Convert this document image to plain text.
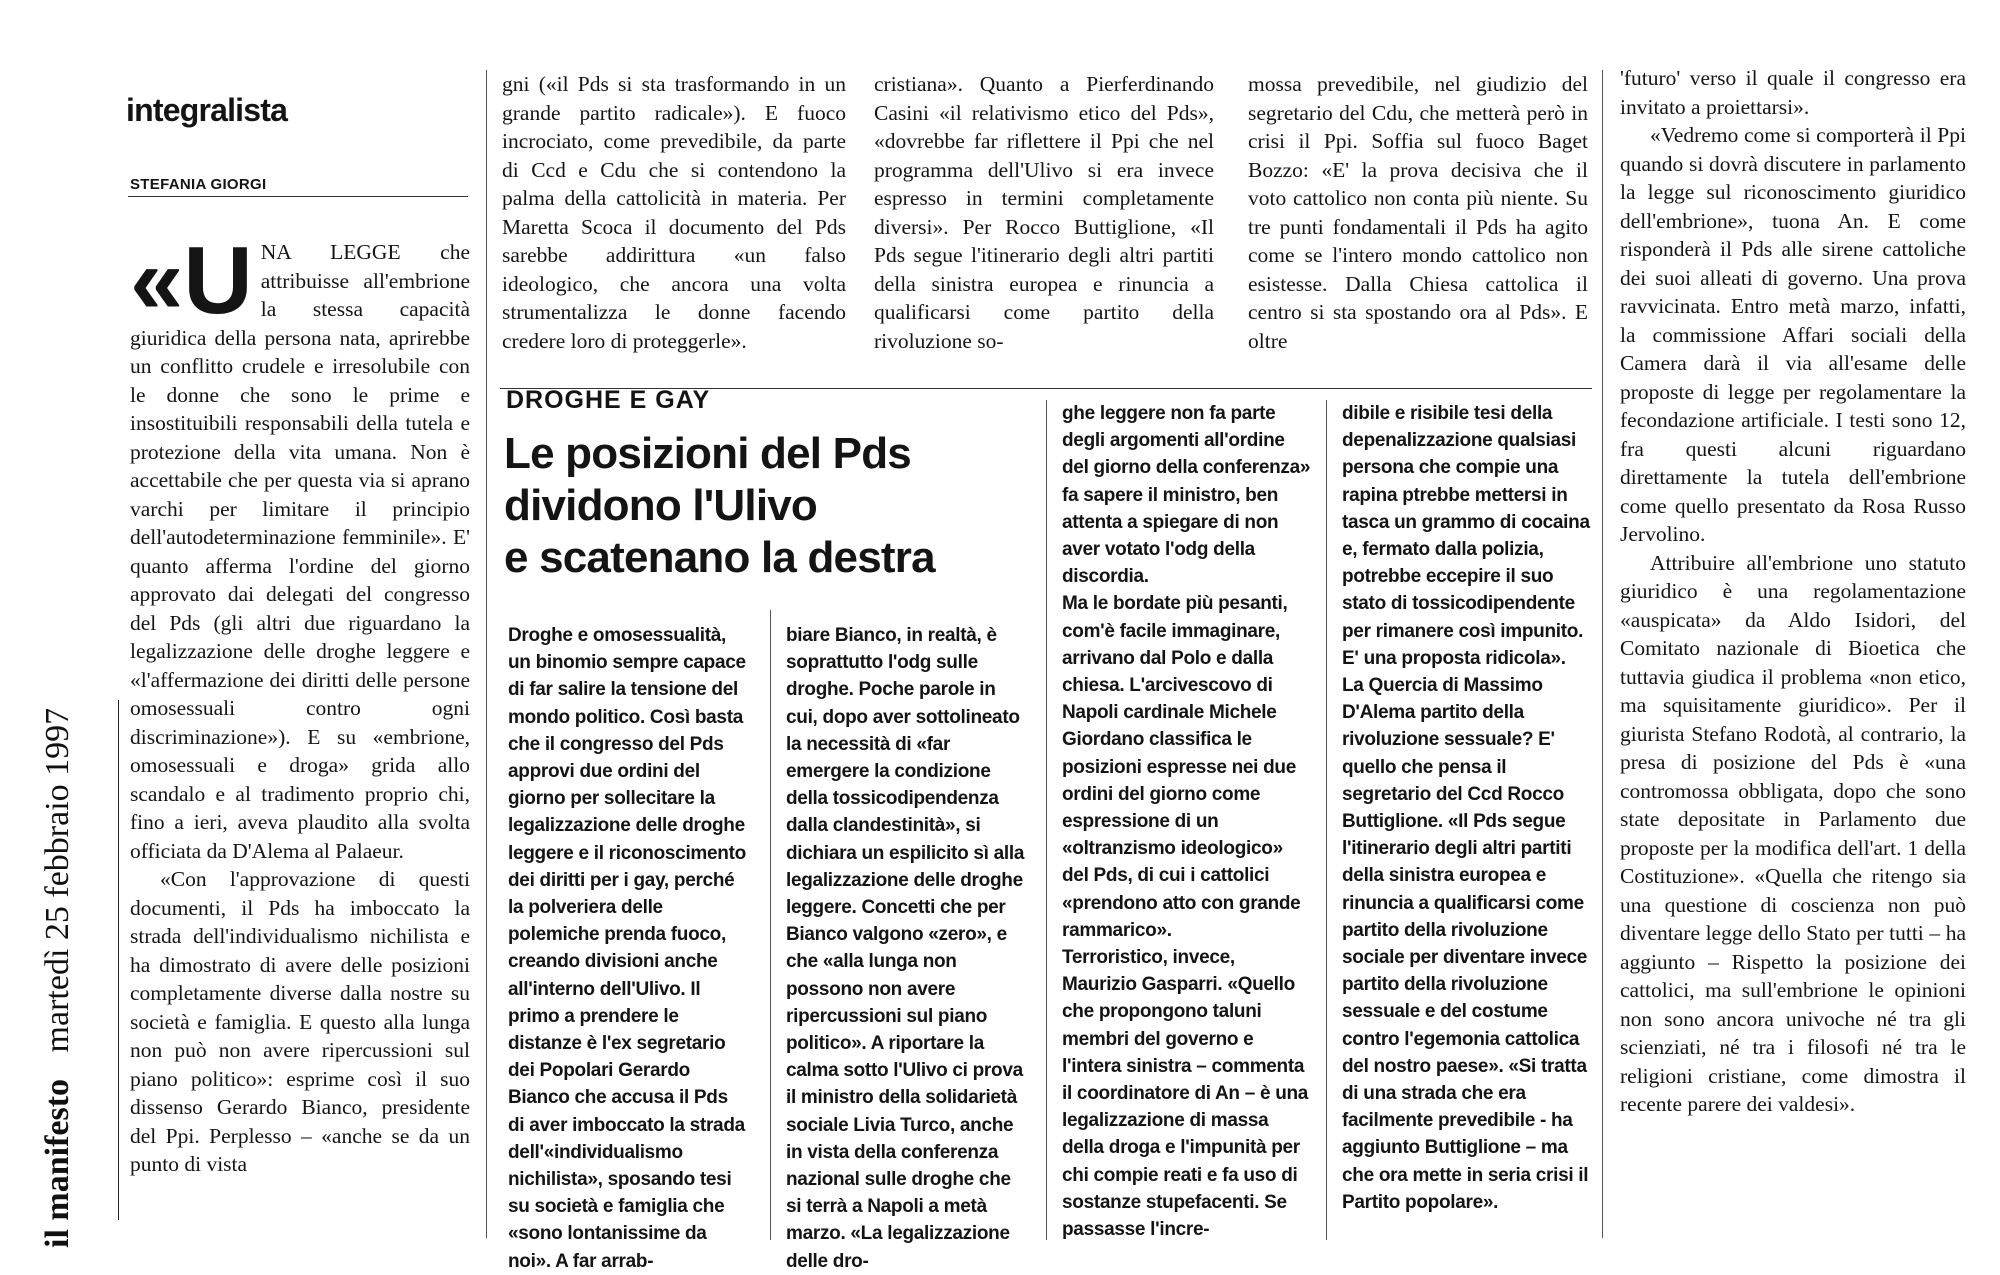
il manifesto martedì 25 febbraio 1997
integralista
STEFANIA GIORGI

«U NA LEGGE che attribuisse all'embrione la stessa capacità giuridica della persona nata, aprirebbe un conflitto crudele e irresolubile con le donne che sono le prime e insostituibili responsabili della tutela e protezione della vita umana. Non è accettabile che per questa via si aprano varchi per limitare il principio dell'autodeterminazione femminile». E' quanto afferma l'ordine del giorno approvato dai delegati del congresso del Pds (gli altri due riguardano la legalizzazione delle droghe leggere e «l'affermazione dei diritti delle persone omosessuali contro ogni discriminazione»). E su «embrione, omosessuali e droga» grida allo scandalo e al tradimento proprio chi, fino a ieri, aveva plaudito alla svolta officiata da D'Alema al Palaeur.

«Con l'approvazione di questi documenti, il Pds ha imboccato la strada dell'individualismo nichilista e ha dimostrato di avere delle posizioni completamente diverse dalla nostre su società e famiglia. E questo alla lunga non può non avere ripercussioni sul piano politico»: esprime così il suo dissenso Gerardo Bianco, presidente del Ppi. Perplesso – «anche se da un punto di vista

gni («il Pds si sta trasformando in un grande partito radicale»). E fuoco incrociato, come prevedibile, da parte di Ccd e Cdu che si contendono la palma della cattolicità in materia. Per Maretta Scoca il documento del Pds sarebbe addirittura «un falso ideologico, che ancora una volta strumentalizza le donne facendo credere loro di proteggerle».

cristiana». Quanto a Pierferdinando Casini «il relativismo etico del Pds», «dovrebbe far riflettere il Ppi che nel programma dell'Ulivo si era invece espresso in termini completamente diversi». Per Rocco Buttiglione, «Il Pds segue l'itinerario degli altri partiti della sinistra europea e rinuncia a qualificarsi come partito della rivoluzione so-

mossa prevedibile, nel giudizio del segretario del Cdu, che metterà però in crisi il Ppi. Soffia sul fuoco Baget Bozzo: «E' la prova decisiva che il voto cattolico non conta più niente. Su tre punti fondamentali il Pds ha agito come se l'intero mondo cattolico non esistesse. Dalla Chiesa cattolica il centro si sta spostando ora al Pds». E oltre

'futuro' verso il quale il congresso era invitato a proiettarsi».

«Vedremo come si comporterà il Ppi quando si dovrà discutere in parlamento la legge sul riconoscimento giuridico dell'embrione», tuona An. E come risponderà il Pds alle sirene cattoliche dei suoi alleati di governo. Una prova ravvicinata. Entro metà marzo, infatti, la commissione Affari sociali della Camera darà il via all'esame delle proposte di legge per regolamentare la fecondazione artificiale. I testi sono 12, fra questi alcuni riguardano direttamente la tutela dell'embrione come quello presentato da Rosa Russo Jervolino.

Attribuire all'embrione uno statuto giuridico è una regolamentazione «auspicata» da Aldo Isidori, del Comitato nazionale di Bioetica che tuttavia giudica il problema «non etico, ma squisitamente giuridico». Per il giurista Stefano Rodotà, al contrario, la presa di posizione del Pds è «una contromossa obbligata, dopo che sono state depositate in Parlamento due proposte per la modifica dell'art. 1 della Costituzione». «Quella che ritengo sia una questione di coscienza non può diventare legge dello Stato per tutti – ha aggiunto – Rispetto la posizione dei cattolici, ma sull'embrione le opinioni non sono ancora univoche né tra gli scienziati, né tra i filosofi né tra le religioni cristiane, come dimostra il recente parere dei valdesi».

DROGHE E GAY
Le posizioni del Pds
dividono l'Ulivo
e scatenano la destra

Droghe e omosessualità, un binomio sempre capace di far salire la tensione del mondo politico. Così basta che il congresso del Pds approvi due ordini del giorno per sollecitare la legalizzazione delle droghe leggere e il riconoscimento dei diritti per i gay, perché la polveriera delle polemiche prenda fuoco, creando divisioni anche all'interno dell'Ulivo. Il primo a prendere le distanze è l'ex segretario dei Popolari Gerardo Bianco che accusa il Pds di aver imboccato la strada dell'«individualismo nichilista», sposando tesi su società e famiglia che «sono lontanissime da noi». A far arrab-

biare Bianco, in realtà, è soprattutto l'odg sulle droghe. Poche parole in cui, dopo aver sottolineato la necessità di «far emergere la condizione della tossicodipendenza dalla clandestinità», si dichiara un espilicito sì alla legalizzazione delle droghe leggere. Concetti che per Bianco valgono «zero», e che «alla lunga non possono non avere ripercussioni sul piano politico». A riportare la calma sotto l'Ulivo ci prova il ministro della solidarietà sociale Livia Turco, anche in vista della conferenza nazional sulle droghe che si terrà a Napoli a metà marzo. «La legalizzazione delle dro-

ghe leggere non fa parte degli argomenti all'ordine del giorno della conferenza» fa sapere il ministro, ben attenta a spiegare di non aver votato l'odg della discordia.

Ma le bordate più pesanti, com'è facile immaginare, arrivano dal Polo e dalla chiesa. L'arcivescovo di Napoli cardinale Michele Giordano classifica le posizioni espresse nei due ordini del giorno come espressione di un «oltranzismo ideologico» del Pds, di cui i cattolici «prendono atto con grande rammarico».

Terroristico, invece, Maurizio Gasparri. «Quello che propongono taluni membri del governo e l'intera sinistra – commenta il coordinatore di An – è una legalizzazione di massa della droga e l'impunità per chi compie reati e fa uso di sostanze stupefacenti. Se passasse l'incre-

dibile e risibile tesi della depenalizzazione qualsiasi persona che compie una rapina ptrebbe mettersi in tasca un grammo di cocaina e, fermato dalla polizia, potrebbe eccepire il suo stato di tossicodipendente per rimanere così impunito. E' una proposta ridicola».

La Quercia di Massimo D'Alema partito della rivoluzione sessuale? E' quello che pensa il segretario del Ccd Rocco Buttiglione. «Il Pds segue l'itinerario degli altri partiti della sinistra europea e rinuncia a qualificarsi come partito della rivoluzione sociale per diventare invece partito della rivoluzione sessuale e del costume contro l'egemonia cattolica del nostro paese». «Si tratta di una strada che era facilmente prevedibile - ha aggiunto Buttiglione – ma che ora mette in seria crisi il Partito popolare».
